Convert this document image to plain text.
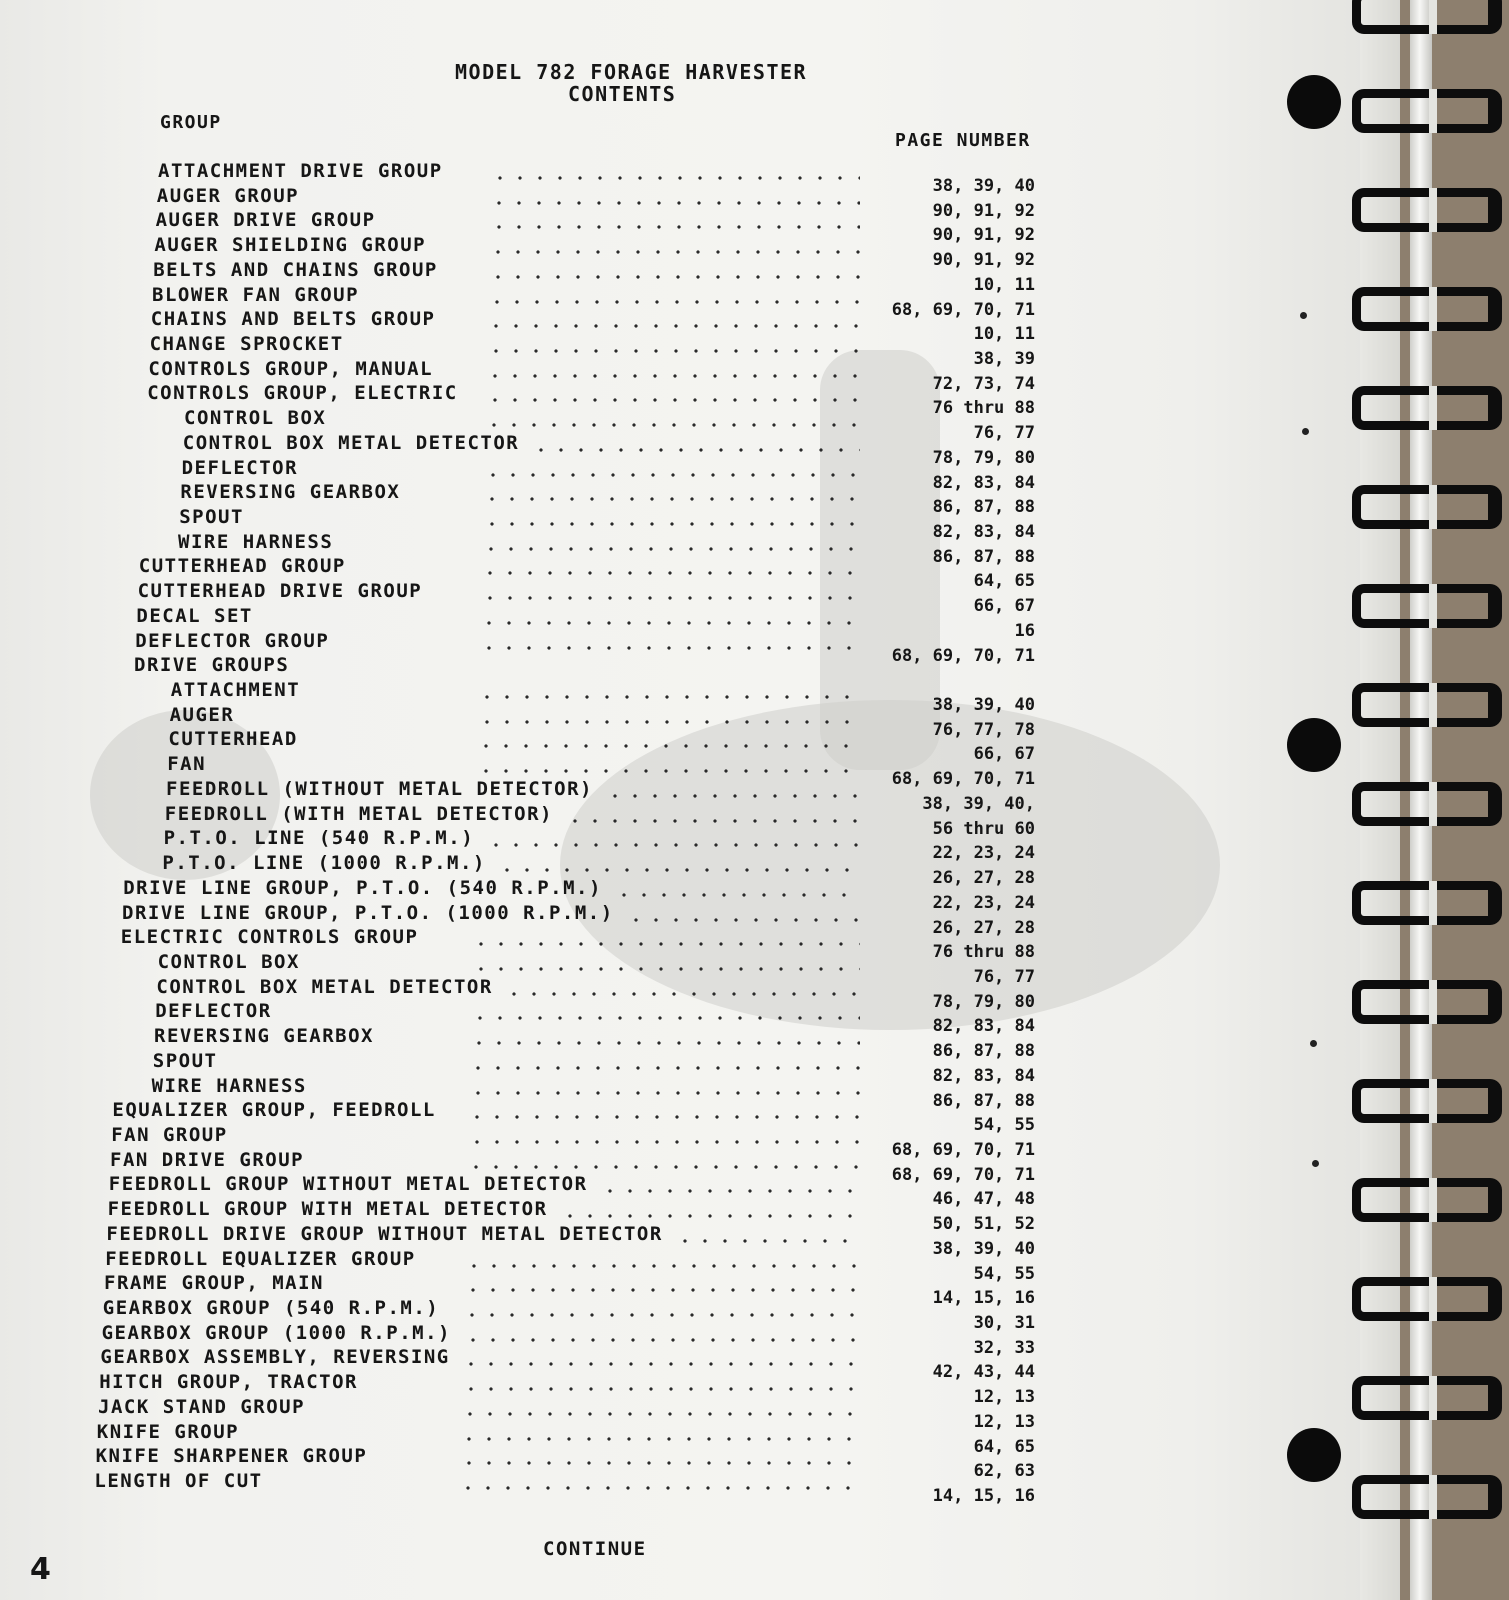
MODEL 782 FORAGE HARVESTER
CONTENTS
GROUP
PAGE NUMBER
ATTACHMENT DRIVE GROUP
38, 39, 40
AUGER GROUP
90, 91, 92
AUGER DRIVE GROUP
90, 91, 92
AUGER SHIELDING GROUP
90, 91, 92
BELTS AND CHAINS GROUP
10, 11
BLOWER FAN GROUP
68, 69, 70, 71
CHAINS AND BELTS GROUP
10, 11
CHANGE SPROCKET
38, 39
CONTROLS GROUP, MANUAL
72, 73, 74
CONTROLS GROUP, ELECTRIC
76 thru 88
CONTROL BOX
76, 77
CONTROL BOX METAL DETECTOR
78, 79, 80
DEFLECTOR
82, 83, 84
REVERSING GEARBOX
86, 87, 88
SPOUT
82, 83, 84
WIRE HARNESS
86, 87, 88
CUTTERHEAD GROUP
64, 65
CUTTERHEAD DRIVE GROUP
66, 67
DECAL SET
16
DEFLECTOR GROUP
68, 69, 70, 71
DRIVE GROUPS
ATTACHMENT
38, 39, 40
AUGER
76, 77, 78
CUTTERHEAD
66, 67
FAN
68, 69, 70, 71
FEEDROLL (WITHOUT METAL DETECTOR)
38, 39, 40,
FEEDROLL (WITH METAL DETECTOR)
56 thru 60
P.T.O. LINE (540 R.P.M.)
22, 23, 24
P.T.O. LINE (1000 R.P.M.)
26, 27, 28
DRIVE LINE GROUP, P.T.O. (540 R.P.M.)
22, 23, 24
DRIVE LINE GROUP, P.T.O. (1000 R.P.M.)
26, 27, 28
ELECTRIC CONTROLS GROUP
76 thru 88
CONTROL BOX
76, 77
CONTROL BOX METAL DETECTOR
78, 79, 80
DEFLECTOR
82, 83, 84
REVERSING GEARBOX
86, 87, 88
SPOUT
82, 83, 84
WIRE HARNESS
86, 87, 88
EQUALIZER GROUP, FEEDROLL
54, 55
FAN GROUP
68, 69, 70, 71
FAN DRIVE GROUP
68, 69, 70, 71
FEEDROLL GROUP WITHOUT METAL DETECTOR
46, 47, 48
FEEDROLL GROUP WITH METAL DETECTOR
50, 51, 52
FEEDROLL DRIVE GROUP WITHOUT METAL DETECTOR
38, 39, 40
FEEDROLL EQUALIZER GROUP
54, 55
FRAME GROUP, MAIN
14, 15, 16
GEARBOX GROUP (540 R.P.M.)
30, 31
GEARBOX GROUP (1000 R.P.M.)
32, 33
GEARBOX ASSEMBLY, REVERSING
42, 43, 44
HITCH GROUP, TRACTOR
12, 13
JACK STAND GROUP
12, 13
KNIFE GROUP
64, 65
KNIFE SHARPENER GROUP
62, 63
LENGTH OF CUT
14, 15, 16
CONTINUE
4
